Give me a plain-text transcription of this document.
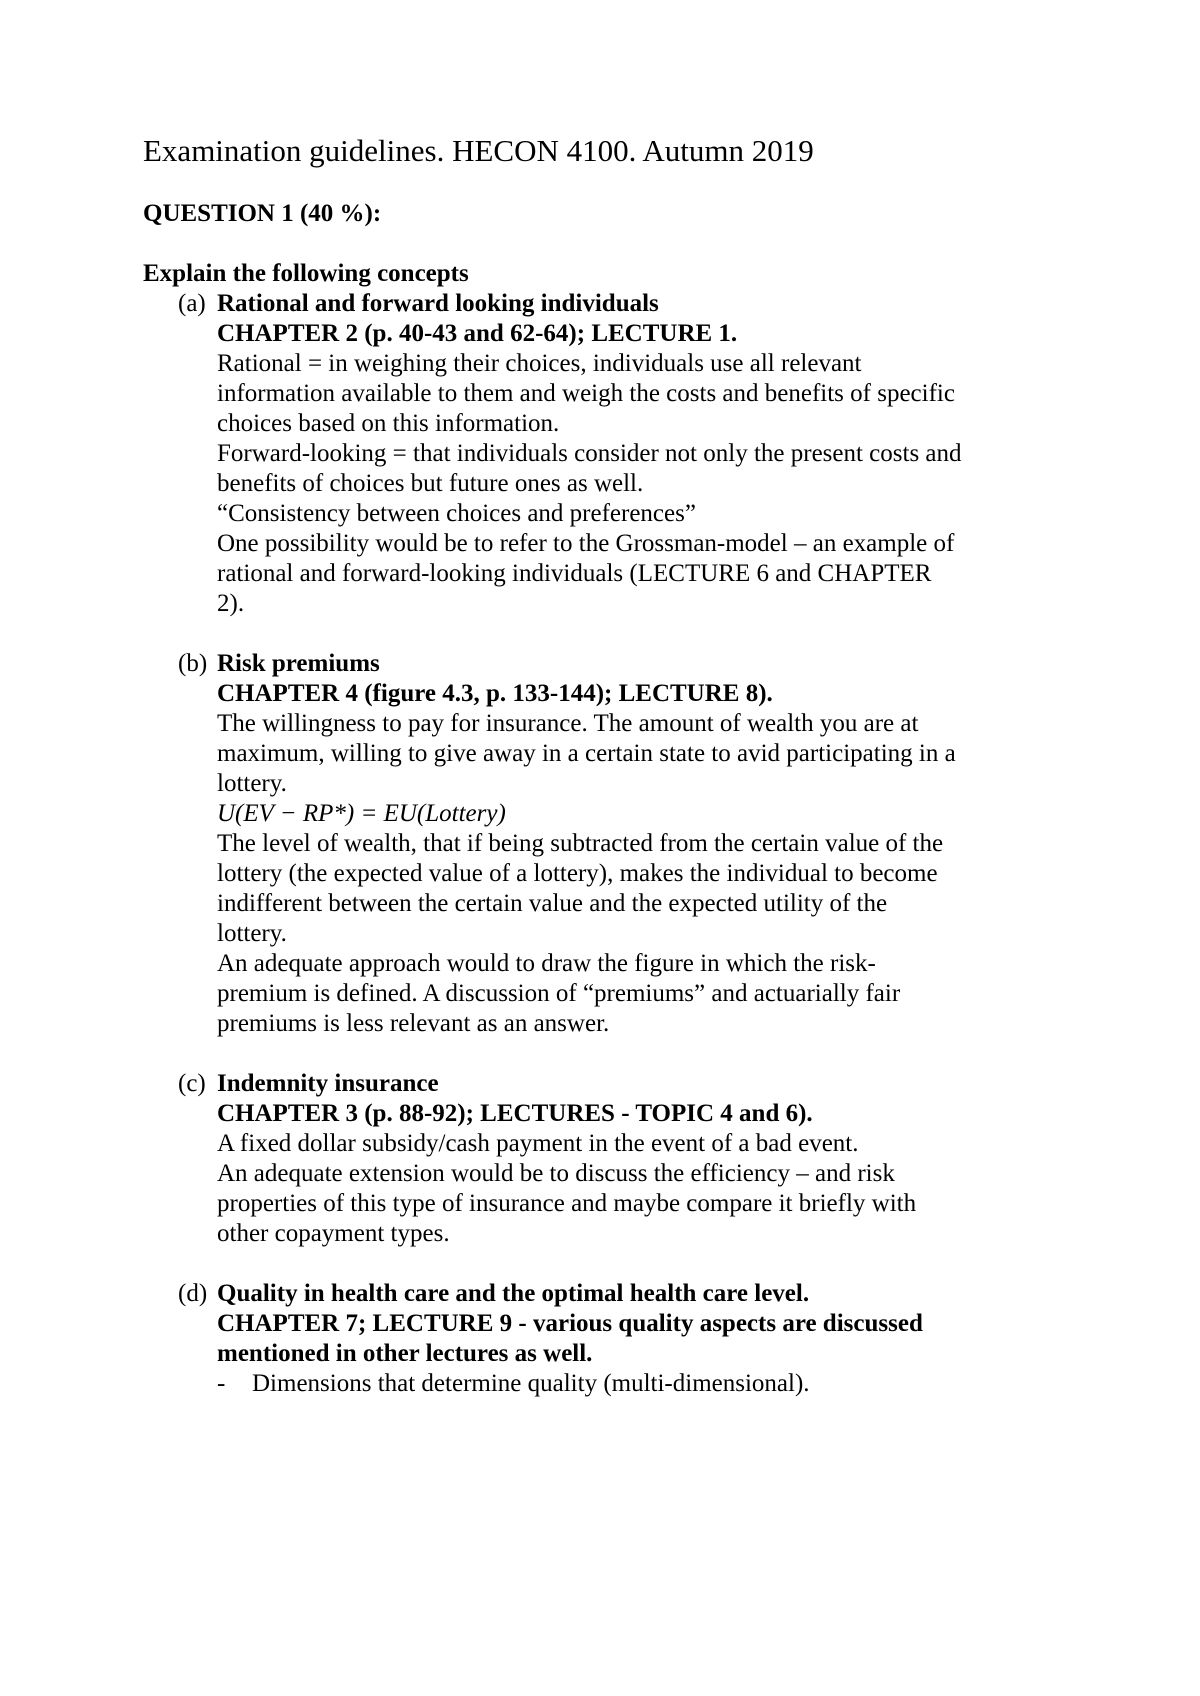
Examination guidelines. HECON 4100. Autumn 2019
QUESTION 1 (40 %):
Explain the following concepts
(a) Rational and forward looking individuals
CHAPTER 2 (p. 40-43 and 62-64); LECTURE 1.
Rational = in weighing their choices, individuals use all relevant
information available to them and weigh the costs and benefits of specific
choices based on this information.
Forward-looking = that individuals consider not only the present costs and
benefits of choices but future ones as well.
“Consistency between choices and preferences”
One possibility would be to refer to the Grossman-model – an example of
rational and forward-looking individuals (LECTURE 6 and CHAPTER
2).
(b) Risk premiums
CHAPTER 4 (figure 4.3, p. 133-144); LECTURE 8).
The willingness to pay for insurance. The amount of wealth you are at
maximum, willing to give away in a certain state to avid participating in a
lottery.
U(EV − RP*) = EU(Lottery)
The level of wealth, that if being subtracted from the certain value of the
lottery (the expected value of a lottery), makes the individual to become
indifferent between the certain value and the expected utility of the
lottery.
An adequate approach would to draw the figure in which the risk-
premium is defined. A discussion of “premiums” and actuarially fair
premiums is less relevant as an answer.
(c) Indemnity insurance
CHAPTER 3 (p. 88-92); LECTURES - TOPIC 4 and 6).
A fixed dollar subsidy/cash payment in the event of a bad event.
An adequate extension would be to discuss the efficiency – and risk
properties of this type of insurance and maybe compare it briefly with
other copayment types.
(d) Quality in health care and the optimal health care level.
CHAPTER 7; LECTURE 9 - various quality aspects are discussed
mentioned in other lectures as well.
- Dimensions that determine quality (multi-dimensional).
